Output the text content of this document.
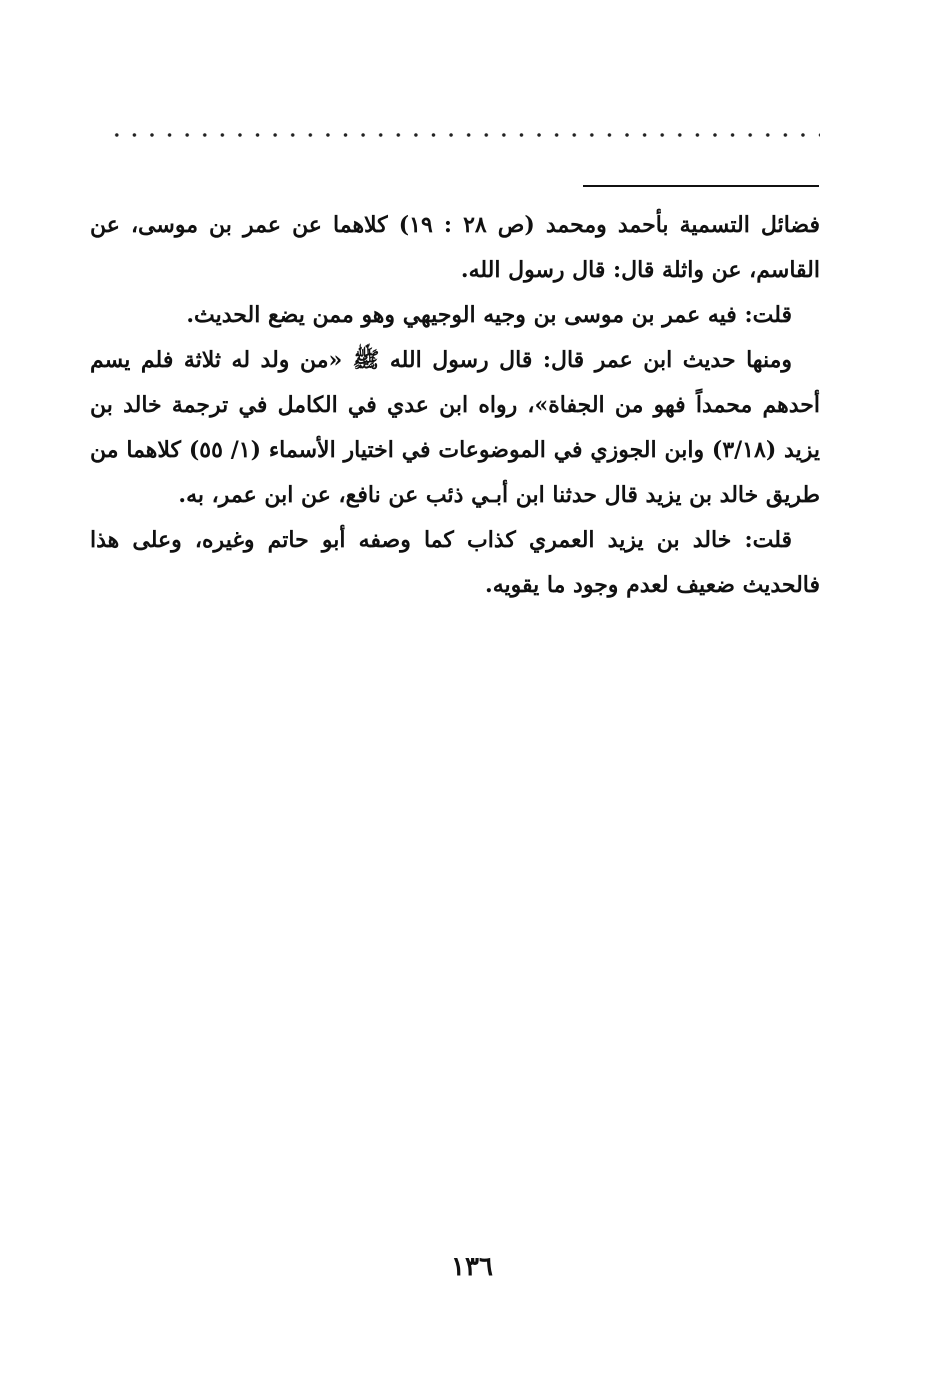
فضائل التسمية بأحمد ومحمد (ص ٢٨ : ١٩) كلاهما عن عمر بن موسى، عن القاسم، عن واثلة قال: قال رسول الله.

قلت: فيه عمر بن موسى بن وجيه الوجيهي وهو ممن يضع الحديث.

ومنها حديث ابن عمر قال: قال رسول الله ﷺ «من ولد له ثلاثة فلم يسم أحدهم محمداً فهو من الجفاة»، رواه ابن عدي في الكامل في ترجمة خالد بن يزيد (٣/١٨) وابن الجوزي في الموضوعات في اختيار الأسماء (١/ ٥٥) كلاهما من طريق خالد بن يزيد قال حدثنا ابن أبـي ذئب عن نافع، عن ابن عمر، به.

قلت: خالد بن يزيد العمري كذاب كما وصفه أبو حاتم وغيره، وعلى هذا فالحديث ضعيف لعدم وجود ما يقويه.

١٣٦
